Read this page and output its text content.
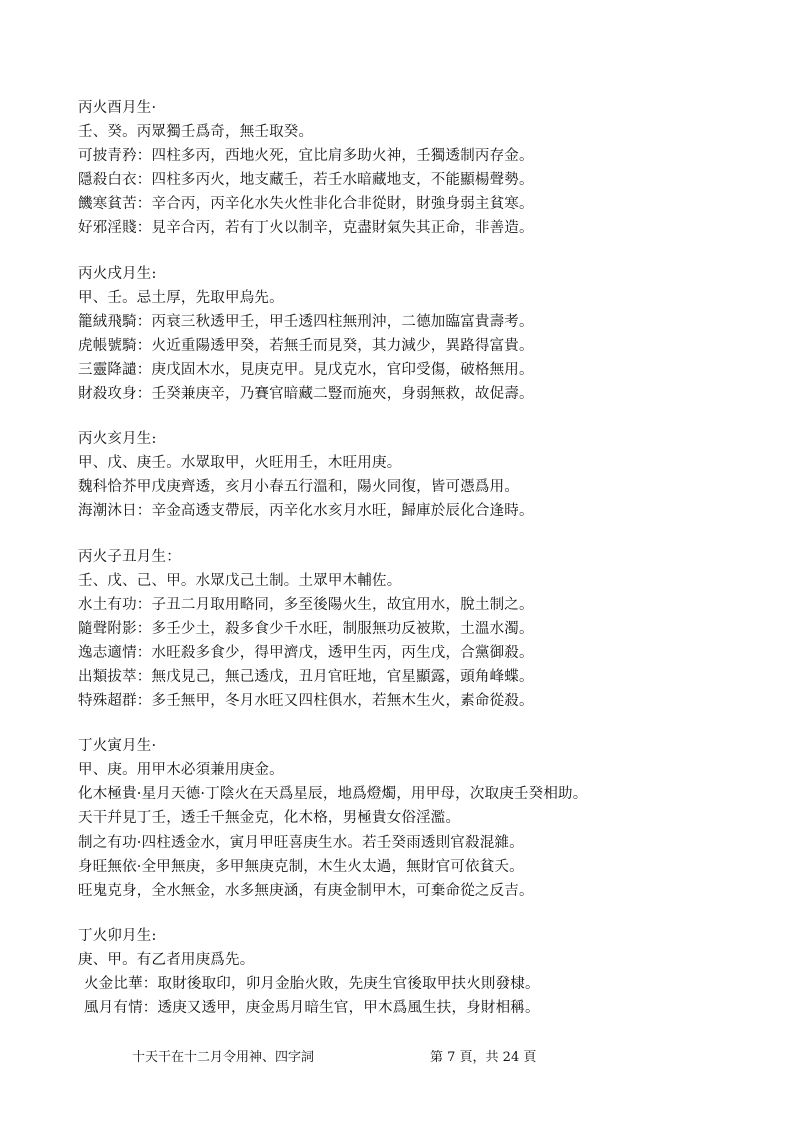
丙火酉月生·
壬、癸。丙眾獨壬爲奇，無壬取癸。
可披青矜：四柱多丙，西地火死，宜比肩多助火神，壬獨透制丙存金。
隱殺白衣：四柱多丙火，地支藏壬，若壬水暗藏地支，不能顯楊聲勢。
饑寒貧苦：辛合丙，丙辛化水失火性非化合非從財，財強身弱主貧寒。
好邪淫賤：見辛合丙，若有丁火以制辛，克盡財氣失其正命，非善造。
丙火戌月生:
甲、壬。忌土厚，先取甲烏先。
籠絨飛騎：丙衰三秋透甲壬，甲壬透四柱無刑沖，二德加臨富貴壽考。
虎帳號騎：火近重陽透甲癸，若無壬而見癸，其力減少，異路得富貴。
三靈降譴：庚戊固木水，見庚克甲。見戊克水，官印受傷，破格無用。
財殺攻身：壬癸兼庚辛，乃賽官暗藏二豎而施夾，身弱無救，故促壽。
丙火亥月生:
甲、戊、庚壬。水眾取甲，火旺用壬，木旺用庚。
魏科恰芥甲戊庚齊透，亥月小春五行溫和，陽火同復，皆可憑爲用。
海潮沐日：辛金高透支帶辰，丙辛化水亥月水旺，歸庫於辰化合逢時。
丙火子丑月生：
壬、戊、己、甲。水眾戊己土制。土眾甲木輔佐。
水土有功：子丑二月取用略同，多至後陽火生，故宜用水，脫土制之。
隨聲附影：多壬少土，殺多食少千水旺，制服無功反被欺，土溫水濁。
逸志適情：水旺殺多食少，得甲濟戊，透甲生丙，丙生戊，合黨御殺。
出類拔萃：無戊見己，無己透戊，丑月官旺地，官星顯露，頭角峰蝶。
特殊超群：多壬無甲，冬月水旺又四柱俱水，若無木生火，素命從殺。
丁火寅月生·
甲、庚。用甲木必須兼用庚金。
化木極貴·星月天德·丁陰火在天爲星辰，地爲燈燭，用甲母，次取庚壬癸相助。
天干幷見丁壬，透壬千無金克，化木格，男極貴女俗淫濫。
制之有功·四柱透金水，寅月甲旺喜庚生水。若壬癸雨透則官殺混雜。
身旺無依·全甲無庚，多甲無庚克制，木生火太過，無財官可依貧夭。
旺鬼克身，全水無金，水多無庚涵，有庚金制甲木，可棄命從之反吉。
丁火卯月生:
庚、甲。有乙者用庚爲先。
火金比華：取財後取印，卯月金胎火敗，先庚生官後取甲扶火則發棣。
風月有情：透庚又透甲，庚金馬月暗生官，甲木爲風生扶，身財相稱。
十天干在十二月令用神、四字詞	第 7 頁，共 24 頁
